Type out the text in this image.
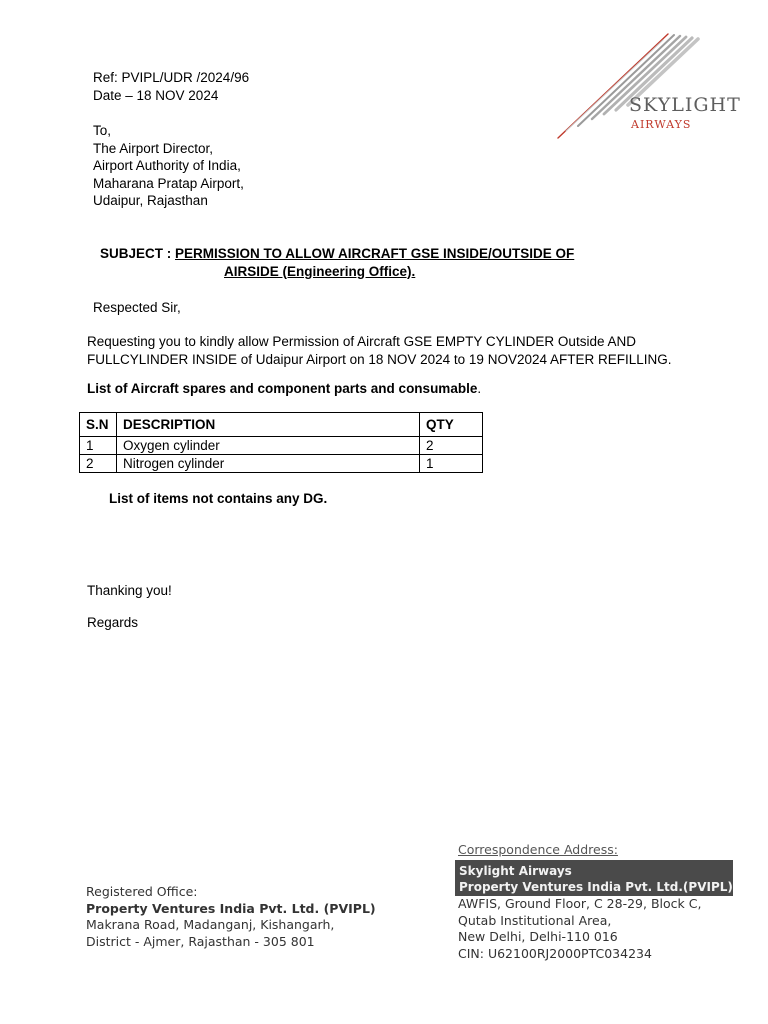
Ref: PVIPL/UDR /2024/96
Date – 18 NOV 2024	SKYLIGHT
AIRWAYS
To,
The Airport Director,
Airport Authority of India,
Maharana Pratap Airport,
Udaipur, Rajasthan
SUBJECT : PERMISSION TO ALLOW AIRCRAFT GSE INSIDE/OUTSIDE OF
AIRSIDE (Engineering Office).
Respected Sir,
Requesting you to kindly allow Permission of Aircraft GSE EMPTY CYLINDER Outside AND
FULLCYLINDER INSIDE of Udaipur Airport on 18 NOV 2024 to 19 NOV2024 AFTER REFILLING.
List of Aircraft spares and component parts and consumable.
S.N	DESCRIPTION	QTY
1	Oxygen cylinder	2
2	Nitrogen cylinder	1
List of items not contains any DG.
Thanking you!
Regards
Registered Office:
Property Ventures India Pvt. Ltd. (PVIPL)
Makrana Road, Madanganj, Kishangarh,
District - Ajmer, Rajasthan - 305 801
Correspondence Address:
Skylight Airways
Property Ventures India Pvt. Ltd.(PVIPL)
AWFIS, Ground Floor, C 28-29, Block C,
Qutab Institutional Area,
New Delhi, Delhi-110 016
CIN: U62100RJ2000PTC034234
